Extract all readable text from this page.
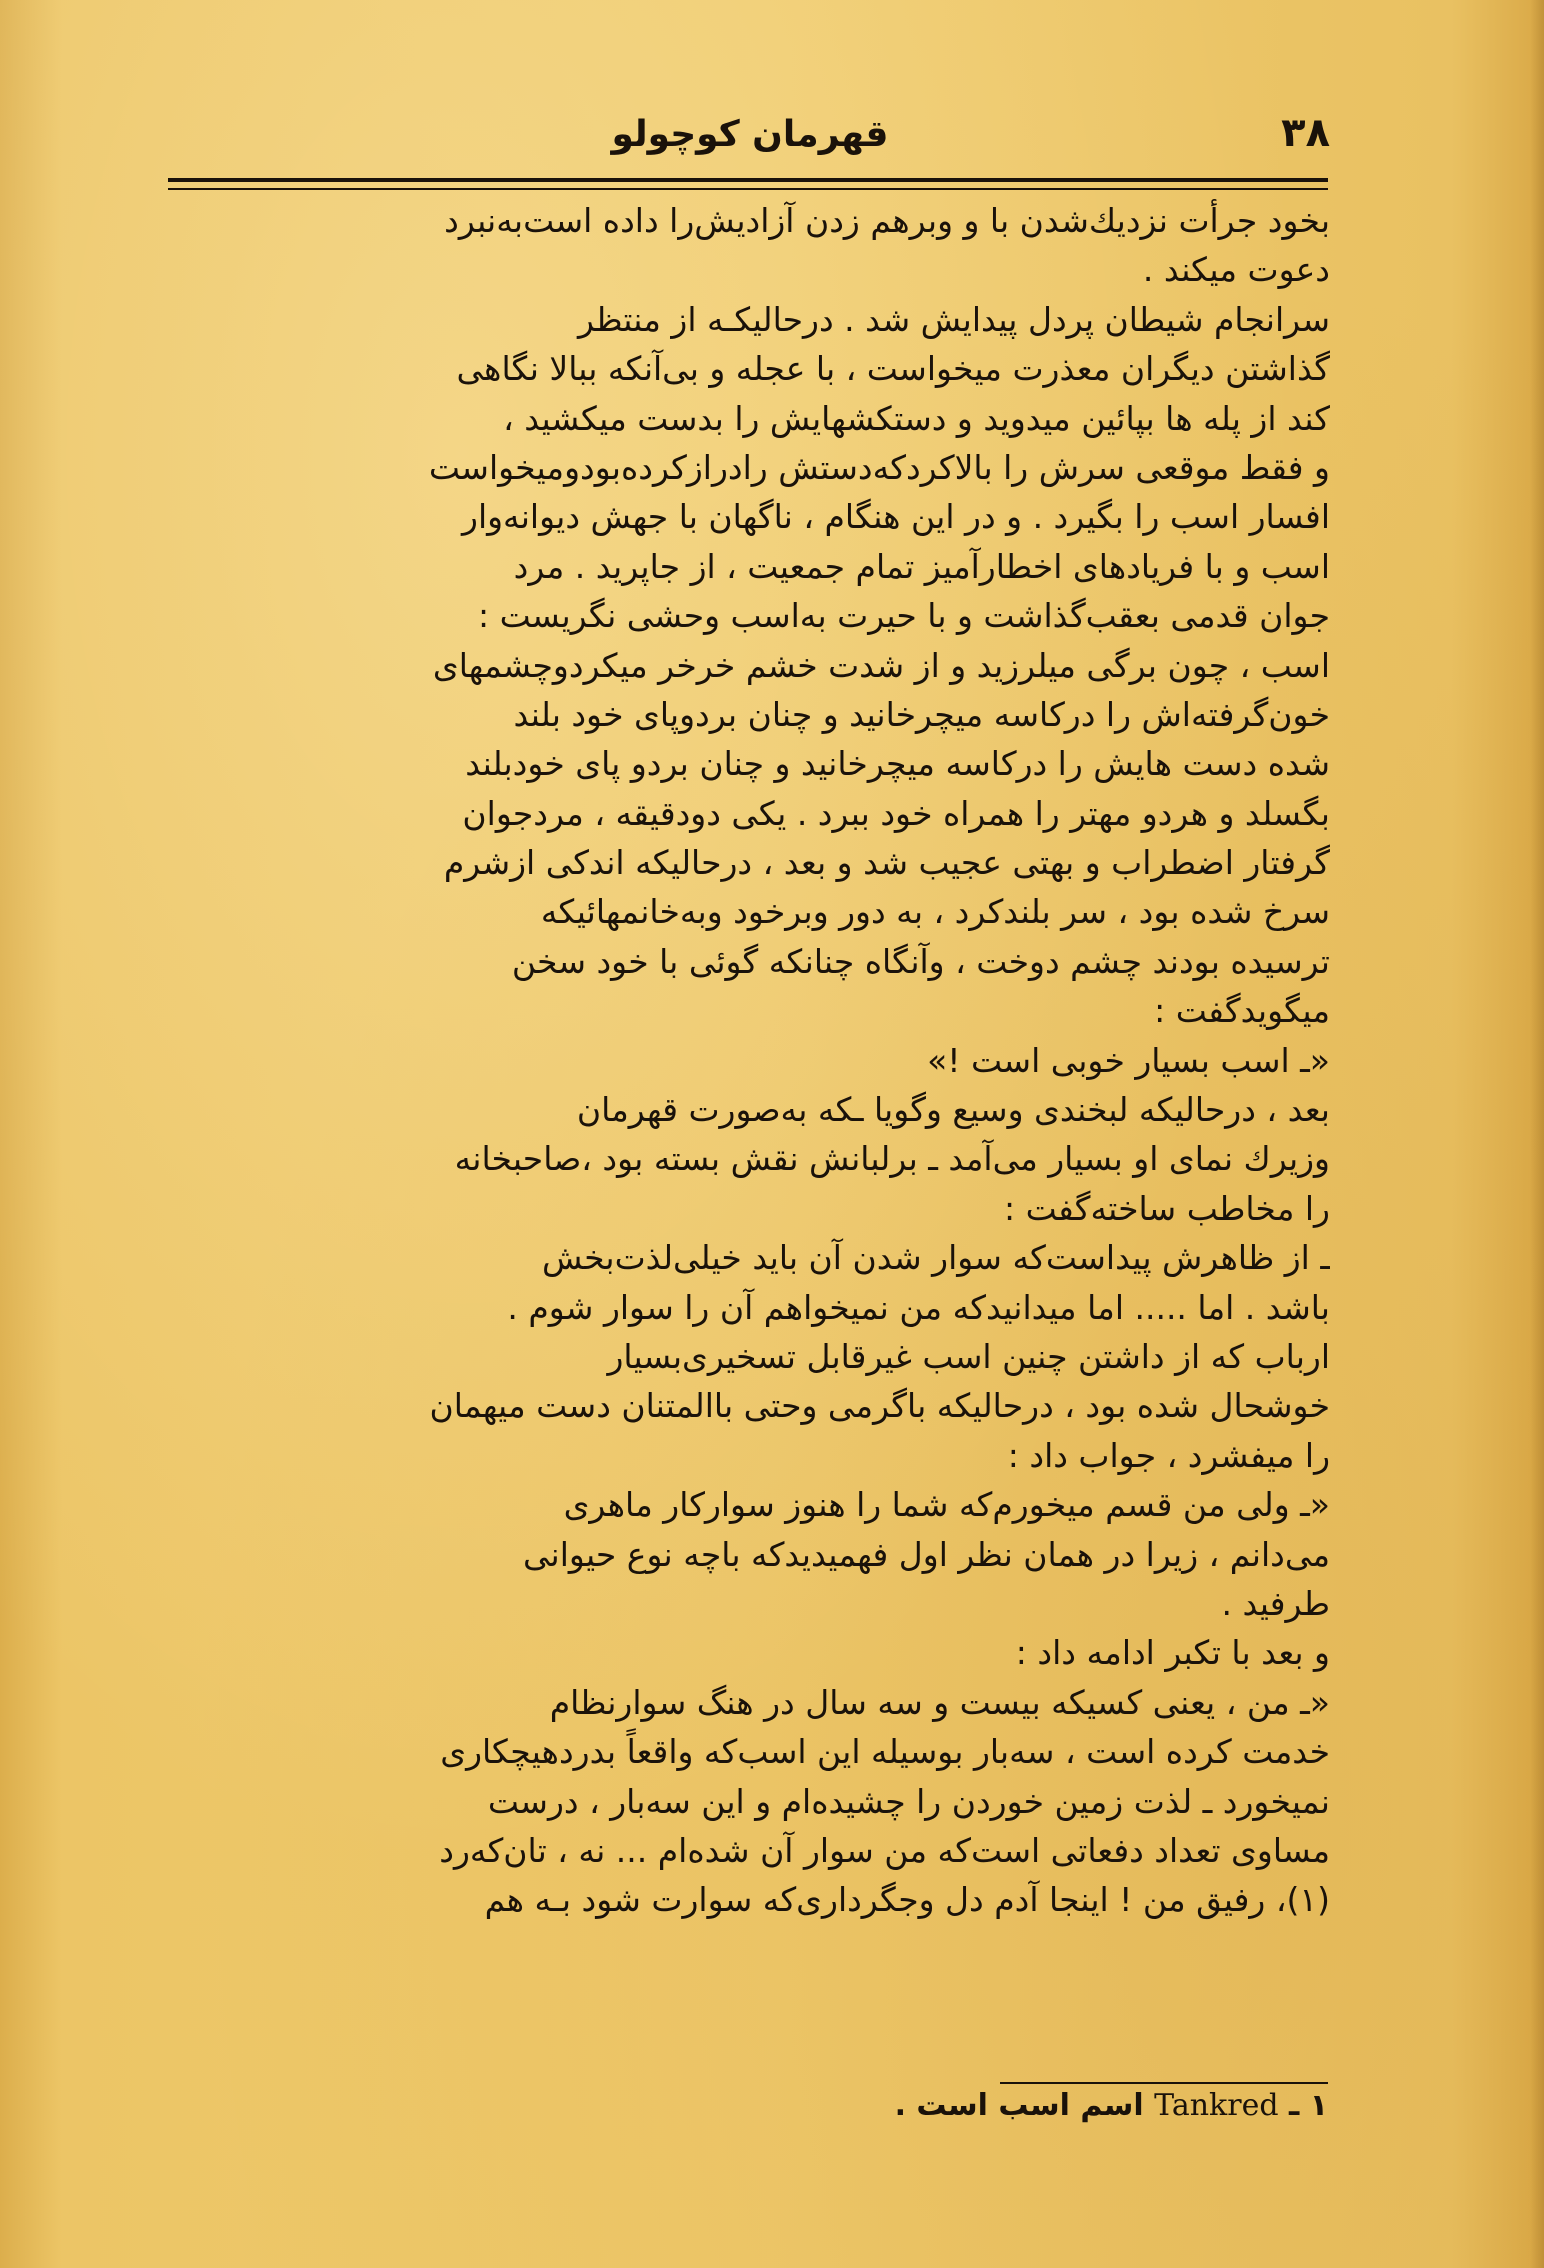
۳۸
قهرمان کوچولو
بخود جرأت نزدیك‌شدن با و وبرهم زدن آزادیش‌را داده است‌به‌نبرد
دعوت میکند .
سرانجام شیطان پردل پیدایش شد . درحالیکـه از منتظر
گذاشتن دیگران معذرت میخواست ، با عجله و بی‌آنکه ببالا نگاهی
کند از پله ها بپائین میدوید و دستکشهایش را بدست میکشید ،
و فقط موقعی سرش را بالاکردکه‌دستش رادرازکرده‌بودومیخواست
افسار اسب را بگیرد . و در این هنگام ، ناگهان با جهش دیوانه‌وار
اسب و با فریادهای اخطارآمیز تمام جمعیت ، از جاپرید . مرد
جوان قدمی بعقب‌گذاشت و با حیرت به‌اسب وحشی نگریست :
اسب ، چون برگی میلرزید و از شدت خشم خرخر میکردوچشمهای
خون‌گرفته‌اش را درکاسه میچرخانید و چنان بردوپای خود بلند
شده دست هایش را درکاسه میچرخانید و چنان بردو پای خودبلند
بگسلد و هردو مهتر را همراه خود ببرد . یکی دودقیقه ، مردجوان
گرفتار اضطراب و بهتی عجیب شد و بعد ، درحالیکه اندکی ازشرم
سرخ شده بود ، سر بلندکرد ، به دور وبرخود وبه‌خانمهائیکه
ترسیده بودند چشم دوخت ، وآنگاه چنانکه گوئی با خود سخن
میگویدگفت :
«ـ اسب بسیار خوبی است !»
بعد ، درحالیکه لبخندی وسیع وگویا ـکه به‌صورت قهرمان
وزیرك نمای او بسیار می‌آمد ـ برلبانش نقش بسته بود ،صاحبخانه
را مخاطب ساخته‌گفت :
ـ از ظاهرش پیداست‌که سوار شدن آن باید خیلی‌لذت‌بخش
باشد . اما ..... اما میدانیدکه من نمیخواهم آن را سوار شوم .
ارباب که از داشتن چنین اسب غیرقابل تسخیری‌بسیار
خوشحال شده بود ، درحالیکه باگرمی وحتی باالمتنان دست میهمان
را میفشرد ، جواب داد :
«ـ ولی من قسم میخورم‌که شما را هنوز سوارکار ماهری
می‌دانم ، زیرا در همان نظر اول فهمیدیدکه باچه نوع حیوانی
طرفید .
و بعد با تکبر ادامه داد :
«ـ من ، یعنی کسیکه بیست و سه سال در هنگ سوارنظام
خدمت کرده است ، سه‌بار بوسیله این اسب‌که واقعاً بدردهیچکاری
نمیخورد ـ لذت زمین خوردن را چشیده‌ام و این سه‌بار ، درست
مساوی تعداد دفعاتی است‌که من سوار آن شده‌ام ... نه ، تان‌که‌رد
(۱)، رفیق من ! اینجا آدم دل وجگرداری‌که سوارت شود بـه هم
۱ ـ Tankred اسم اسب است .
